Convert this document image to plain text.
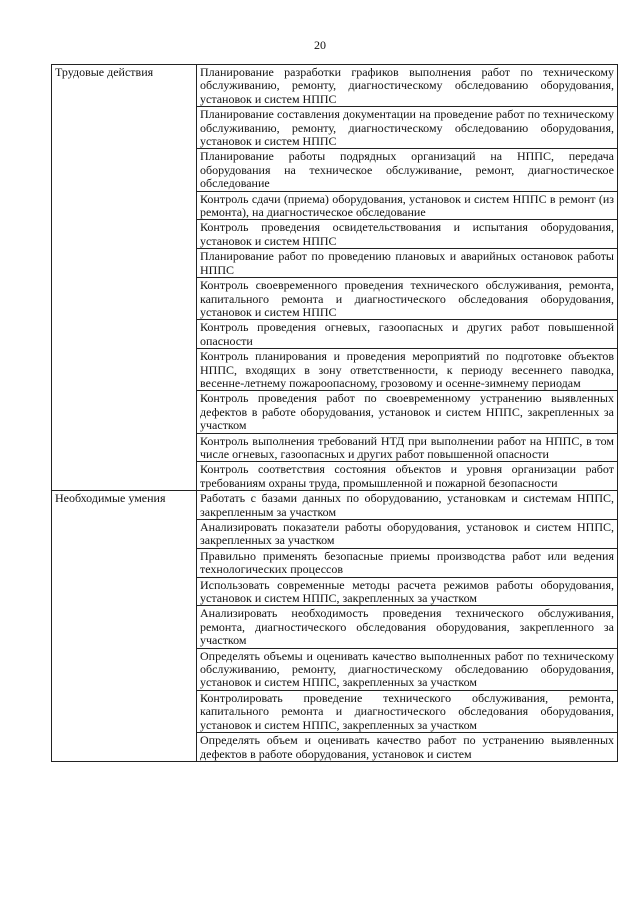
20
Трудовые действия	Планирование разработки графиков выполнения работ по техническому обслуживанию, ремонту, диагностическому обследованию оборудования, установок и систем НППС
	Планирование составления документации на проведение работ по техническому обслуживанию, ремонту, диагностическому обследованию оборудования, установок и систем НППС
	Планирование работы подрядных организаций на НППС, передача оборудования на техническое обслуживание, ремонт, диагностическое обследование
	Контроль сдачи (приема) оборудования, установок и систем НППС в ремонт (из ремонта), на диагностическое обследование
	Контроль проведения освидетельствования и испытания оборудования, установок и систем НППС
	Планирование работ по проведению плановых и аварийных остановок работы НППС
	Контроль своевременного проведения технического обслуживания, ремонта, капитального ремонта и диагностического обследования оборудования, установок и систем НППС
	Контроль проведения огневых, газоопасных и других работ повышенной опасности
	Контроль планирования и проведения мероприятий по подготовке объектов НППС, входящих в зону ответственности, к периоду весеннего паводка, весенне-летнему пожароопасному, грозовому и осенне-зимнему периодам
	Контроль проведения работ по своевременному устранению выявленных дефектов в работе оборудования, установок и систем НППС, закрепленных за участком
	Контроль выполнения требований НТД при выполнении работ на НППС, в том числе огневых, газоопасных и других работ повышенной опасности
	Контроль соответствия состояния объектов и уровня организации работ требованиям охраны труда, промышленной и пожарной безопасности
Необходимые умения	Работать с базами данных по оборудованию, установкам и системам НППС, закрепленным за участком
	Анализировать показатели работы оборудования, установок и систем НППС, закрепленных за участком
	Правильно применять безопасные приемы производства работ или ведения технологических процессов
	Использовать современные методы расчета режимов работы оборудования, установок и систем НППС, закрепленных за участком
	Анализировать необходимость проведения технического обслуживания, ремонта, диагностического обследования оборудования, закрепленного за участком
	Определять объемы и оценивать качество выполненных работ по техническому обслуживанию, ремонту, диагностическому обследованию оборудования, установок и систем НППС, закрепленных за участком
	Контролировать проведение технического обслуживания, ремонта, капитального ремонта и диагностического обследования оборудования, установок и систем НППС, закрепленных за участком
	Определять объем и оценивать качество работ по устранению выявленных дефектов в работе оборудования, установок и систем
